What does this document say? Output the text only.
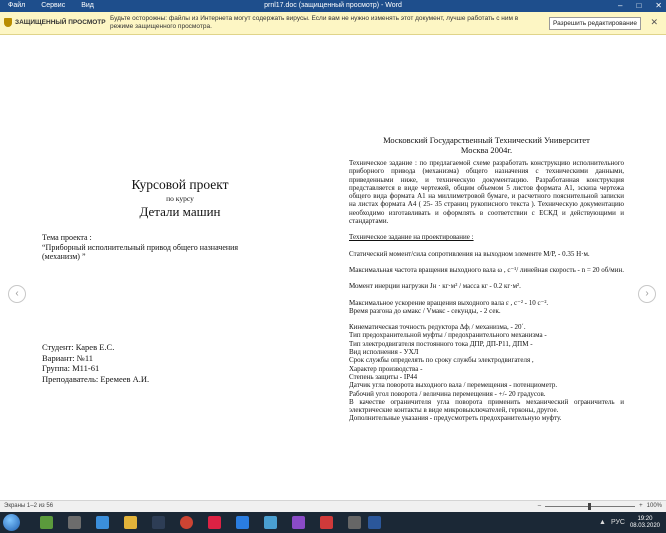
Файл Сервис Вид	prnl17.doc (защищенный просмотр) - Word	– □ ✕
ЗАЩИЩЕННЫЙ ПРОСМОТР
Будьте осторожны: файлы из Интернета могут содержать вирусы. Если вам не нужно изменять этот документ, лучше работать с ним в режиме защищенного просмотра.	Разрешить редактирование	✕
‹	›
Курсовой проект
по курсу
Детали машин
Тема проекта :
“Приборный исполнительный привод общего назначения
(механизм) ”
Студент: Карев Е.С.
Вариант: №11
Группа: М11-61
Преподаватель: Еремеев А.И.
Московский Государственный Технический Университет
Москва 2004г.

Техническое задание : по предлагаемой схеме разработать конструкцию исполнительного приборного привода (механизма) общего назначения с техническими данными, приведенными ниже, и техническую документацию. Разработанная конструкция представляется в виде чертежей, общим объемом 5 листов формата А1, эскиза чертежа общего вида формата А1 на миллиметровой бумаге, и расчетного пояснительной записки на листах формата А4 ( 25- 35 страниц рукописного текста ). Техническую документацию необходимо изготавливать и оформлять в соответствии с ЕСКД и действующими и стандартами.

Техническое задание на проектирование :

Статический момент/сила сопротивления на выходном элементе М/Р, - 0.35 Н·м.

Максимальная частота вращения выходного вала ω , c⁻¹/ линейная скорость - n = 20 об/мин.

Момент инерции нагрузки Jн · кг·м² / масса кг - 0.2 кг·м².

Максимальное ускорение вращения выходного вала ε , c⁻² - 10 c⁻².

Время разгона до ωмакс / Vмакс - секунды, - 2 сек.

Кинематическая точность редуктора Δфᵢ / механизма, - 20΄.

Тип предохранительной муфты / предохранительного механизма -

Тип электродвигателя постоянного тока ДПР, ДП-Р11, ДПМ -

Вид исполнения - УХЛ

Срок службы определять по сроку службы электродвигателя ,

Характер производства -

Степень защиты - IP44

Датчик угла поворота выходного вала / перемещения - потенциометр.

Рабочий угол поворота / величина перемещения - +/- 20 градусов.

В качестве ограничителя угла поворота применить механический ограничитель и электрические контакты в виде микровыключателей, герконы, другое.

Дополнительные указания - предусмотреть предохранительную муфту.

Экраны 1–2 из 56	–	+ 100%
▲ РУС
19:20
08.03.2020
